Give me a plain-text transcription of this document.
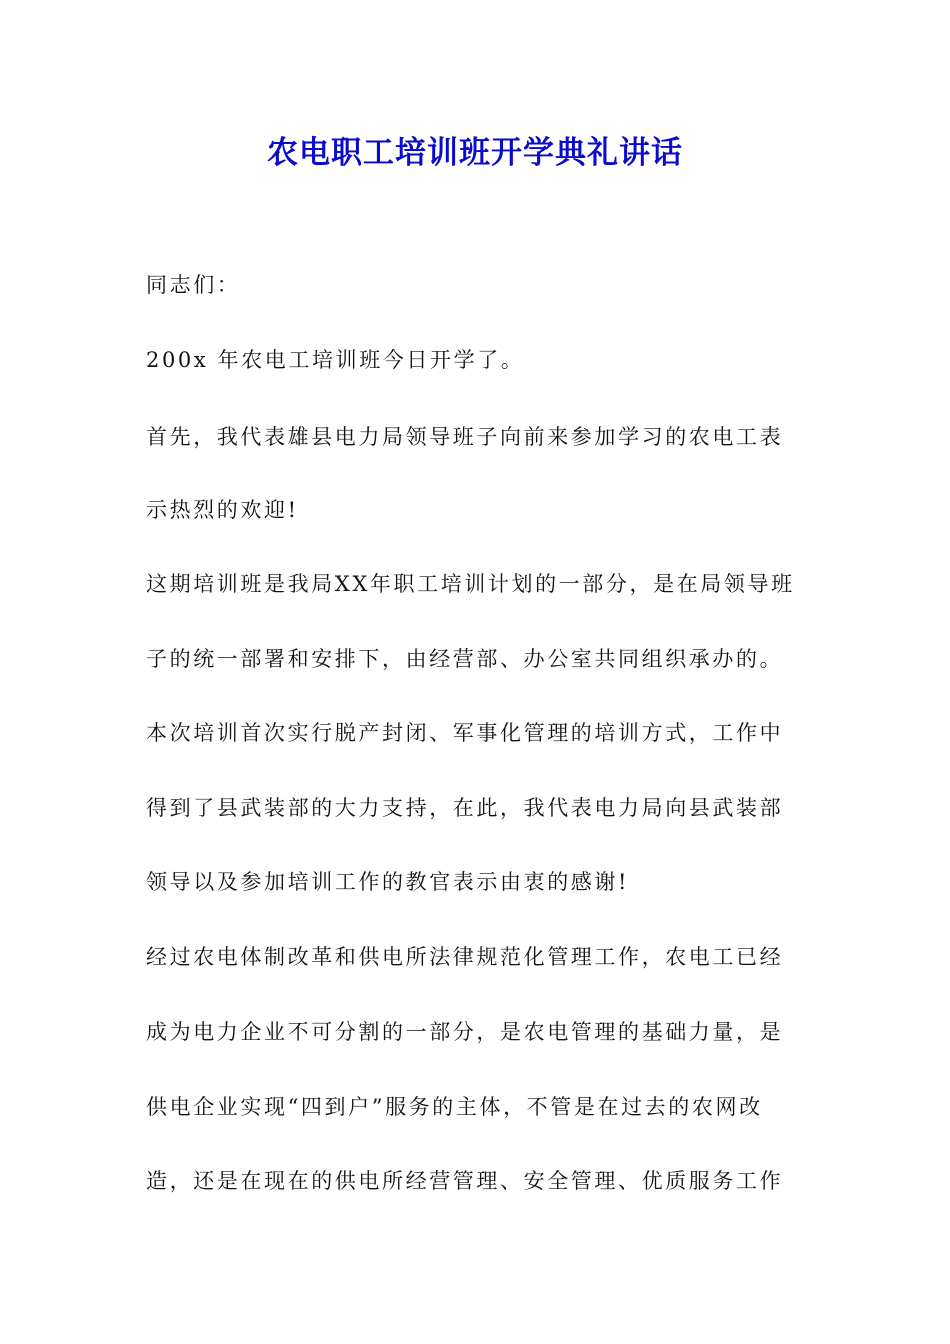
农电职工培训班开学典礼讲话

同志们：

200x 年农电工培训班今日开学了。

首先，我代表雄县电力局领导班子向前来参加学习的农电工表

示热烈的欢迎!

这期培训班是我局XX年职工培训计划的一部分，是在局领导班

子的统一部署和安排下，由经营部、办公室共同组织承办的。

本次培训首次实行脱产封闭、军事化管理的培训方式，工作中

得到了县武装部的大力支持，在此，我代表电力局向县武装部

领导以及参加培训工作的教官表示由衷的感谢!

经过农电体制改革和供电所法律规范化管理工作，农电工已经

成为电力企业不可分割的一部分，是农电管理的基础力量，是

供电企业实现“四到户”服务的主体，不管是在过去的农网改

造，还是在现在的供电所经营管理、安全管理、优质服务工作
